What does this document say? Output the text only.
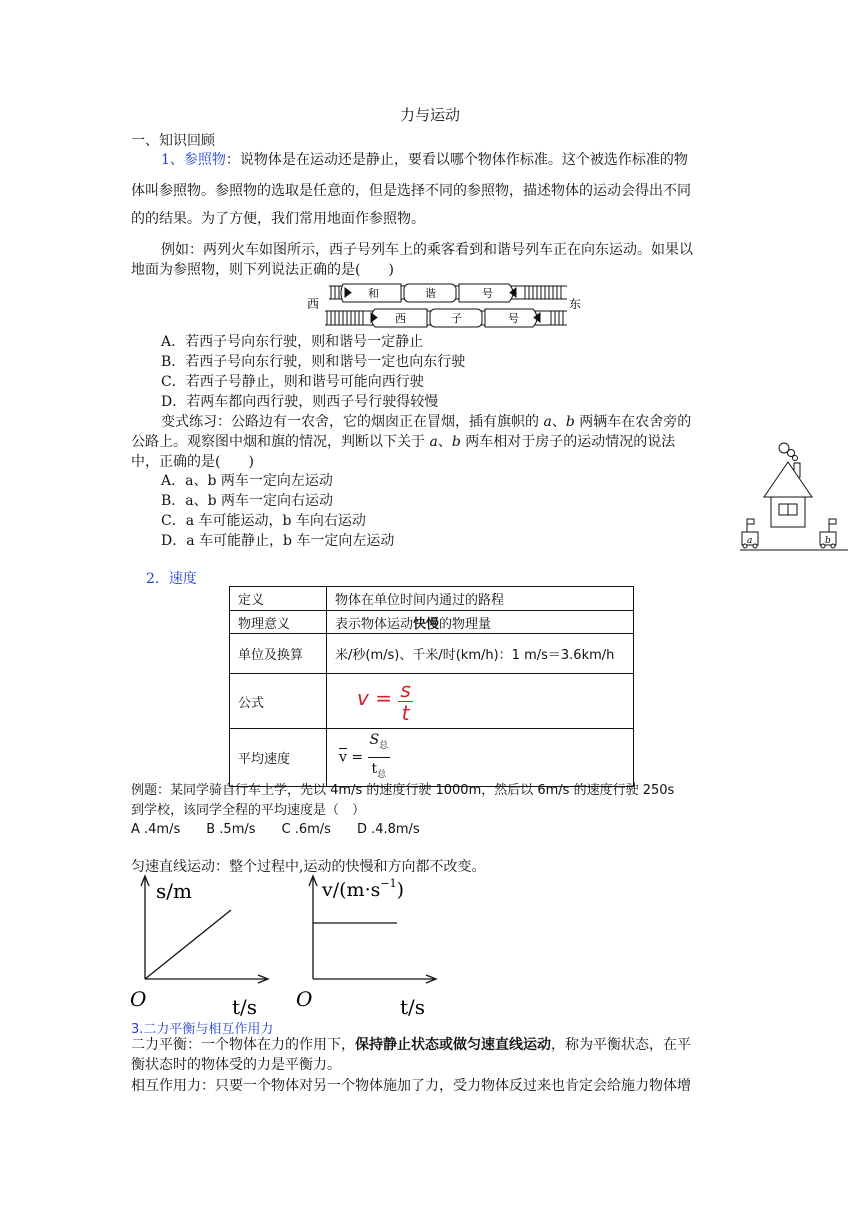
力与运动
一、知识回顾
1、参照物：说物体是在运动还是静止，要看以哪个物体作标准。这个被选作标准的物
体叫参照物。参照物的选取是任意的，但是选择不同的参照物，描述物体的运动会得出不同
的的结果。为了方便，我们常用地面作参照物。
例如：两列火车如图所示，西子号列车上的乘客看到和谐号列车正在向东运动。如果以
地面为参照物，则下列说法正确的是(　　)
西	东
和	谐	号
西	子	号
A．若西子号向东行驶，则和谐号一定静止
B．若西子号向东行驶，则和谐号一定也向东行驶
C．若西子号静止，则和谐号可能向西行驶
D．若两车都向西行驶，则西子号行驶得较慢
变式练习：公路边有一农舍，它的烟囱正在冒烟，插有旗帜的 a、b 两辆车在农舍旁的
公路上。观察图中烟和旗的情况，判断以下关于 a、b 两车相对于房子的运动情况的说法
中，正确的是(　　)
A．a、b 两车一定向左运动
B．a、b 两车一定向右运动
C．a 车可能运动，b 车向右运动
D．a 车可能静止，b 车一定向左运动	a	b
2．速度
定义	物体在单位时间内通过的路程
物理意义	表示物体运动快慢的物理量
单位及换算	米/秒(m/s)、千米/时(km/h)：1 m/s＝3.6km/h
公式	$v = \frac{s}{t}$

平均速度	$\overline{v} = \frac{S_总}{t_总}$
例题：某同学骑自行车上学，先以 4m/s 的速度行驶 1000m，然后以 6m/s 的速度行驶 250s
到学校，该同学全程的平均速度是（　）
A .4m/s　　B .5m/s　　C .6m/s　　D .4.8m/s
匀速直线运动：整个过程中,运动的快慢和方向都不改变。
s/m
O	t/s
$v/(m\cdot s^{-1})$
O	t/s
3.二力平衡与相互作用力
二力平衡：一个物体在力的作用下，保持静止状态或做匀速直线运动，称为平衡状态，在平
衡状态时的物体受的力是平衡力。
相互作用力：只要一个物体对另一个物体施加了力，受力物体反过来也肯定会给施力物体增
